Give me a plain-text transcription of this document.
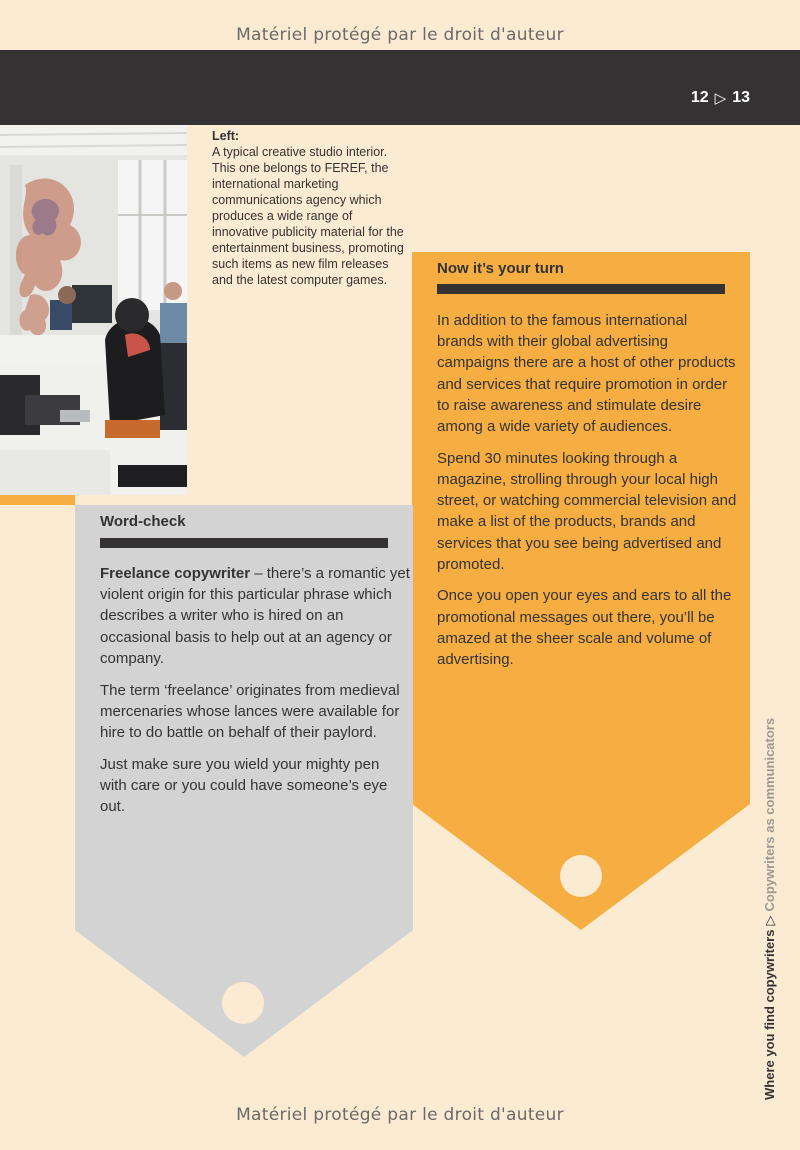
Matériel protégé par le droit d'auteur
12 ▷ 13
Left:
A typical creative studio interior. This one belongs to FEREF, the international marketing communications agency which produces a wide range of innovative publicity material for the entertainment business, promoting such items as new film releases and the latest computer games.
Now it’s your turn

In addition to the famous international brands with their global advertising campaigns there are a host of other products and services that require promotion in order to raise awareness and stimulate desire among a wide variety of audiences.

Spend 30 minutes looking through a magazine, strolling through your local high street, or watching commercial television and make a list of the products, brands and services that you see being advertised and promoted.

Once you open your eyes and ears to all the promotional messages out there, you’ll be amazed at the sheer scale and volume of advertising.

Word-check

Freelance copywriter – there’s a romantic yet violent origin for this particular phrase which describes a writer who is hired on an occasional basis to help out at an agency or company.

The term ‘freelance’ originates from medieval mercenaries whose lances were available for hire to do battle on behalf of their paylord.

Just make sure you wield your mighty pen with care or you could have someone’s eye out.

Where you find copywriters▷Copywriters as communicators
Matériel protégé par le droit d'auteur
